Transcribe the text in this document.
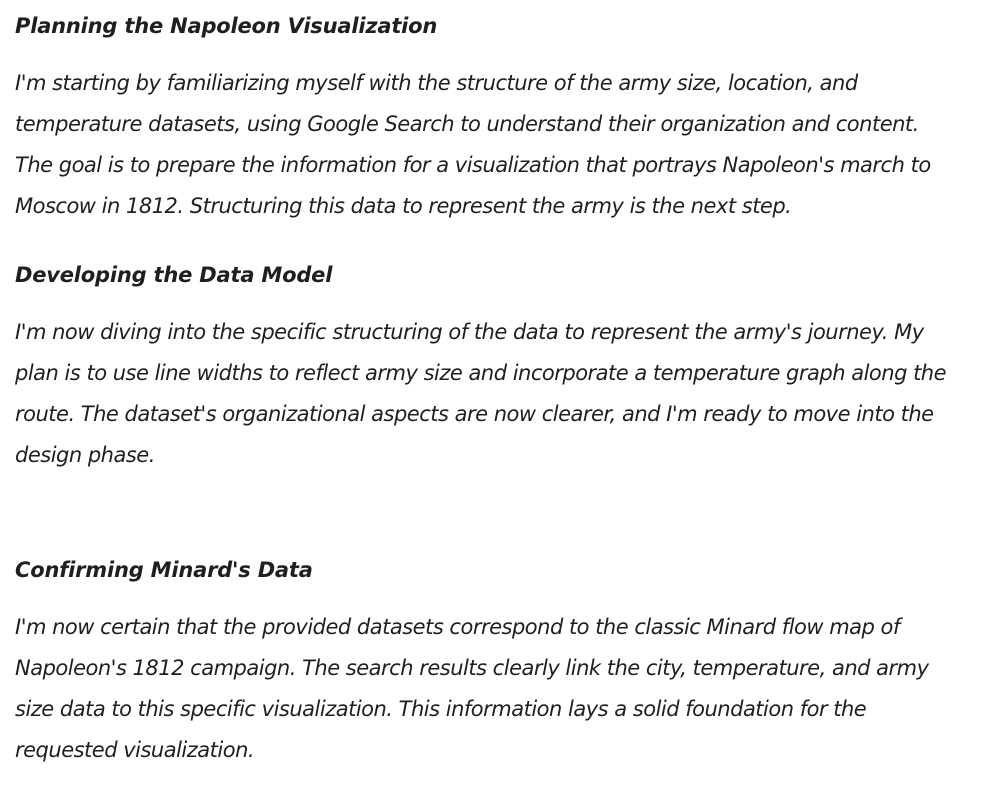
Planning the Napoleon Visualization

I'm starting by familiarizing myself with the structure of the army size, location, and
temperature datasets, using Google Search to understand their organization and content.
The goal is to prepare the information for a visualization that portrays Napoleon's march to
Moscow in 1812. Structuring this data to represent the army is the next step.

Developing the Data Model

I'm now diving into the specific structuring of the data to represent the army's journey. My
plan is to use line widths to reflect army size and incorporate a temperature graph along the
route. The dataset's organizational aspects are now clearer, and I'm ready to move into the
design phase.

Confirming Minard's Data

I'm now certain that the provided datasets correspond to the classic Minard flow map of
Napoleon's 1812 campaign. The search results clearly link the city, temperature, and army
size data to this specific visualization. This information lays a solid foundation for the
requested visualization.
